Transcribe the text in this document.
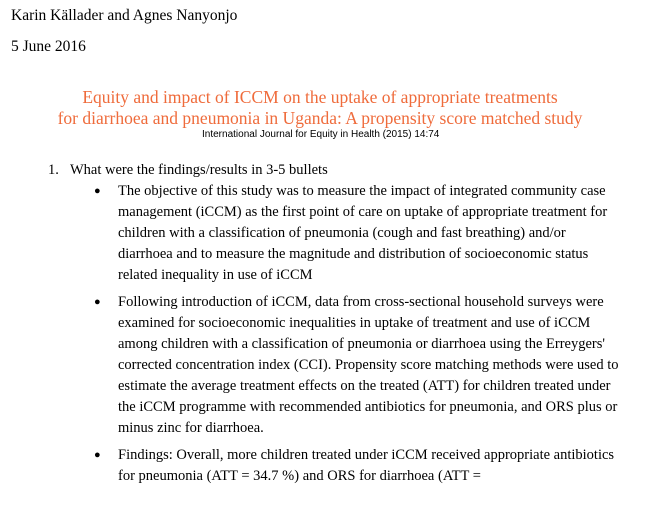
Karin Källader and Agnes Nanyonjo
5 June 2016
Equity and impact of ICCM on the uptake of appropriate treatments
for diarrhoea and pneumonia in Uganda: A propensity score matched study
International Journal for Equity in Health (2015) 14:74
1. What were the findings/results in 3-5 bullets
● The objective of this study was to measure the impact of integrated community case management (iCCM) as the first point of care on uptake of appropriate treatment for children with a classification of pneumonia (cough and fast breathing) and/or diarrhoea and to measure the magnitude and distribution of socioeconomic status related inequality in use of iCCM
● Following introduction of iCCM, data from cross-sectional household surveys were examined for socioeconomic inequalities in uptake of treatment and use of iCCM among children with a classification of pneumonia or diarrhoea using the Erreygers' corrected concentration index (CCI). Propensity score matching methods were used to estimate the average treatment effects on the treated (ATT) for children treated under the iCCM programme with recommended antibiotics for pneumonia, and ORS plus or minus zinc for diarrhoea.
● Findings: Overall, more children treated under iCCM received appropriate antibiotics for pneumonia (ATT = 34.7 %) and ORS for diarrhoea (ATT =
